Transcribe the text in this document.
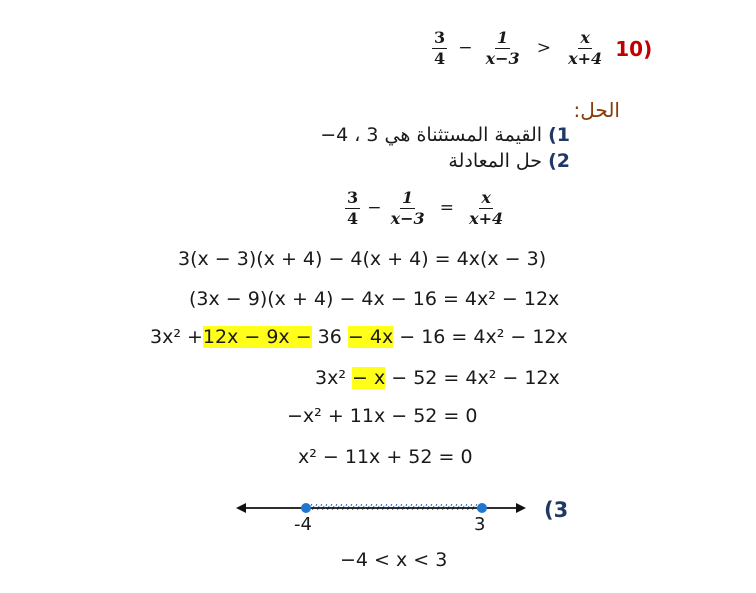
$\frac{3}{4} - \frac{1}{x-3} > \frac{x}{x+4} 10$)
الحل:
1) القيمة المستثناة هي 3 ، 4−
2) حل المعادلة
$\frac{3}{4} - \frac{1}{x-3} = \frac{x}{x+4}$
3(x − 3)(x + 4) − 4(x + 4) = 4x(x − 3)
(3x − 9)(x + 4) − 4x − 16 = 4x² − 12x
3x² +12x − 9x − 36 − 4x − 16 = 4x² − 12x
3x² − x − 52 = 4x² − 12x
−x² + 11x − 52 = 0
x² − 11x + 52 = 0
(3
-4	3
−4 < x < 3
